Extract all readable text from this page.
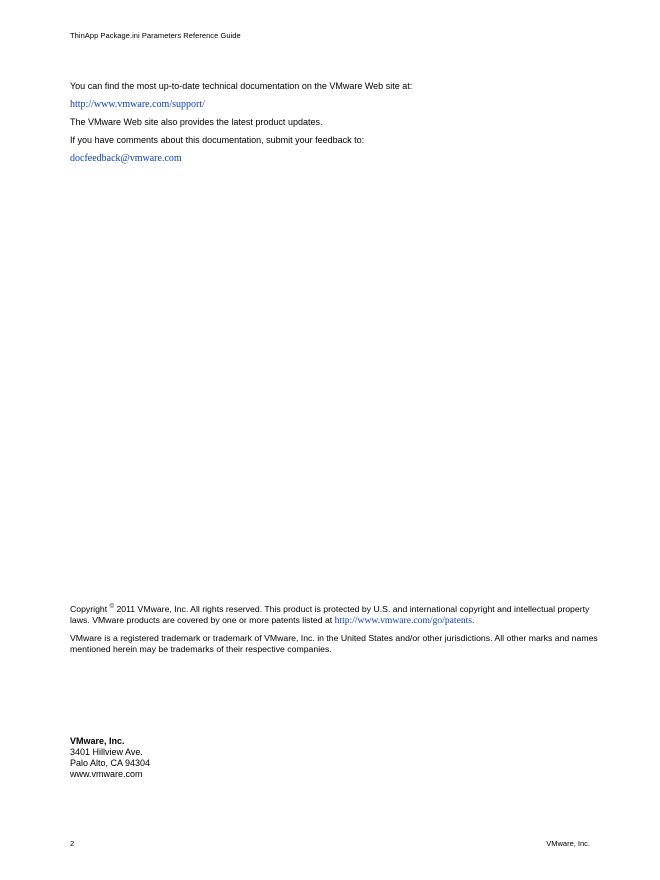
ThinApp Package.ini Parameters Reference Guide
You can find the most up-to-date technical documentation on the VMware Web site at:
http://www.vmware.com/support/
The VMware Web site also provides the latest product updates.
If you have comments about this documentation, submit your feedback to:
docfeedback@vmware.com
Copyright © 2011 VMware, Inc. All rights reserved. This product is protected by U.S. and international copyright and intellectual property laws. VMware products are covered by one or more patents listed at http://www.vmware.com/go/patents.
VMware is a registered trademark or trademark of VMware, Inc. in the United States and/or other jurisdictions. All other marks and names mentioned herein may be trademarks of their respective companies.
VMware, Inc.
3401 Hillview Ave.
Palo Alto, CA 94304
www.vmware.com
2	VMware, Inc.
